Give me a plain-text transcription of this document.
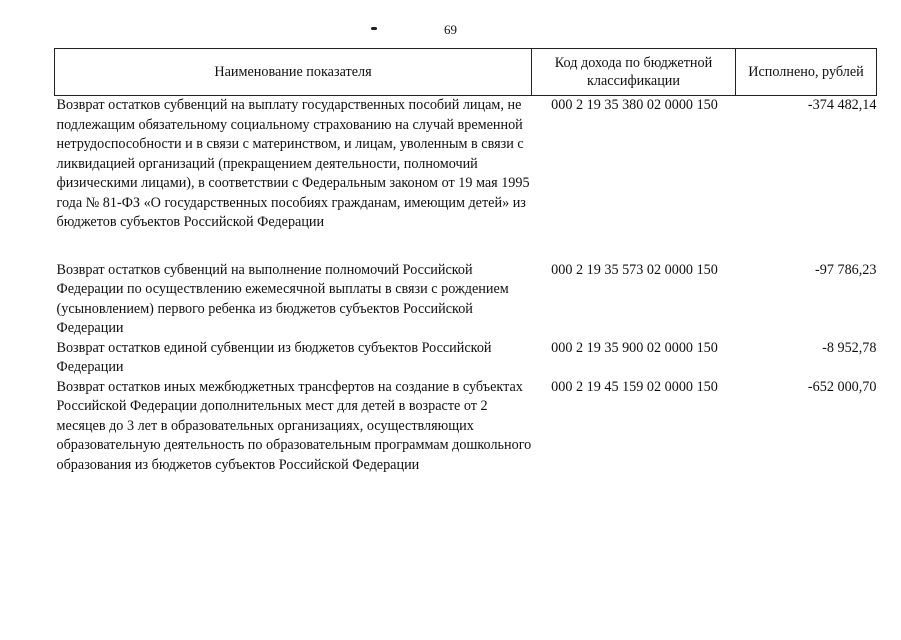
69
Наименование показателя	Код дохода по бюджетной классификации	Исполнено, рублей
Возврат остатков субвенций на выплату государственных пособий лицам, не подлежащим обязательному социальному страхованию на случай временной нетрудоспособности и в связи с материнством, и лицам, уволенным в связи с ликвидацией организаций (прекращением деятельности, полномочий физическими лицами), в соответствии с Федеральным законом от 19 мая 1995 года № 81-ФЗ «О государственных пособиях гражданам, имеющим детей» из бюджетов субъектов Российской Федерации	000 2 19 35 380 02 0000 150	-374 482,14

Возврат остатков субвенций на выполнение полномочий Российской Федерации по осуществлению ежемесячной выплаты в связи с рождением (усыновлением) первого ребенка из бюджетов субъектов Российской Федерации	000 2 19 35 573 02 0000 150	-97 786,23
Возврат остатков единой субвенции из бюджетов субъектов Российской Федерации	000 2 19 35 900 02 0000 150	-8 952,78
Возврат остатков иных межбюджетных трансфертов на создание в субъектах Российской Федерации дополнительных мест для детей в возрасте от 2 месяцев до 3 лет в образовательных организациях, осуществляющих образовательную деятельность по образовательным программам дошкольного образования из бюджетов субъектов Российской Федерации	000 2 19 45 159 02 0000 150	-652 000,70
